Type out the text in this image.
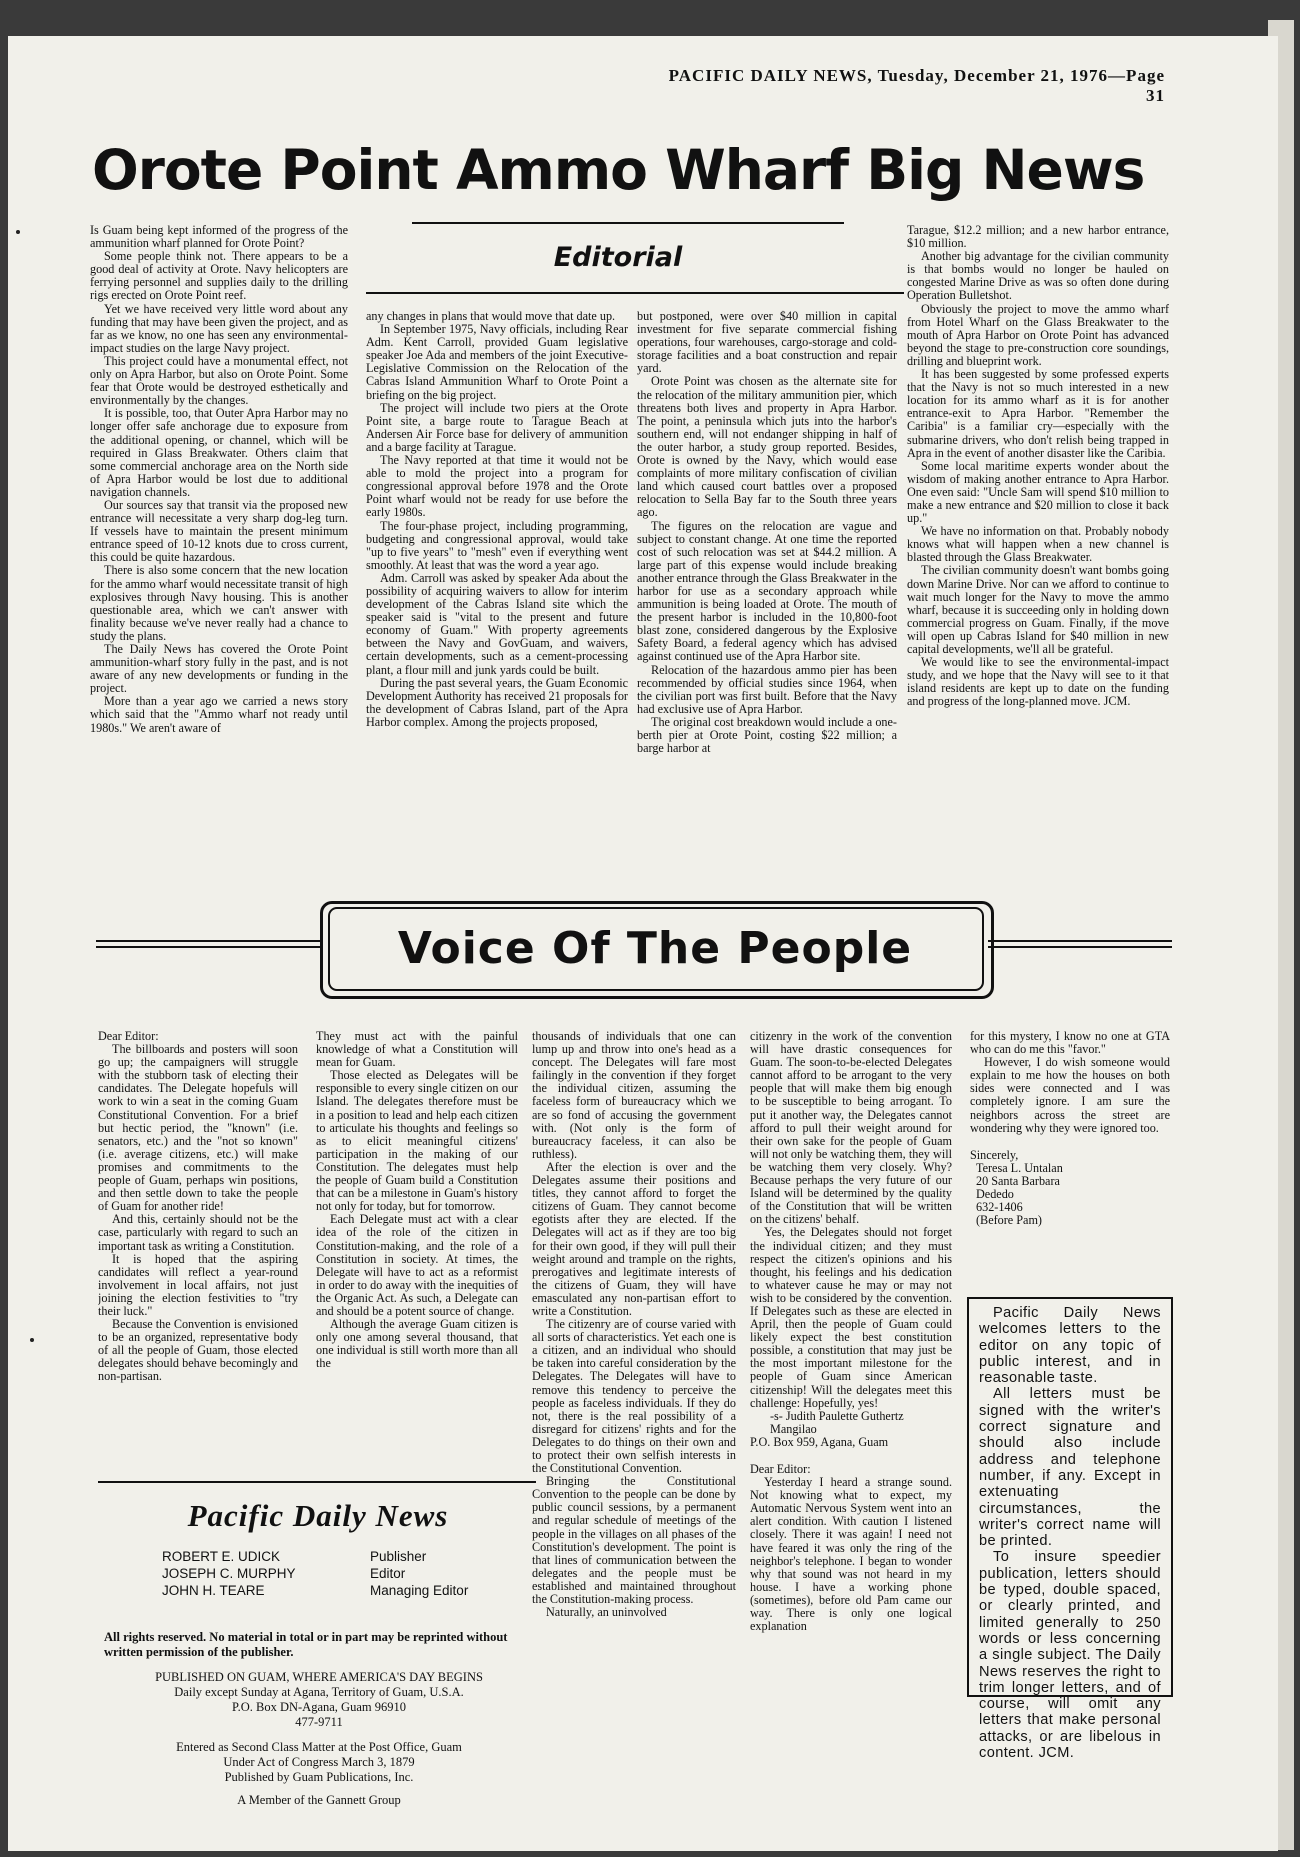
PACIFIC DAILY NEWS, Tuesday, December 21, 1976—Page 31
Orote Point Ammo Wharf Big News
Editorial

Is Guam being kept informed of the progress of the ammunition wharf planned for Orote Point?

Some people think not. There appears to be a good deal of activity at Orote. Navy helicopters are ferrying personnel and supplies daily to the drilling rigs erected on Orote Point reef.

Yet we have received very little word about any funding that may have been given the project, and as far as we know, no one has seen any environmental-impact studies on the large Navy project.

This project could have a monumental effect, not only on Apra Harbor, but also on Orote Point. Some fear that Orote would be destroyed esthetically and environmentally by the changes.

It is possible, too, that Outer Apra Harbor may no longer offer safe anchorage due to exposure from the additional opening, or channel, which will be required in Glass Breakwater. Others claim that some commercial anchorage area on the North side of Apra Harbor would be lost due to additional navigation channels.

Our sources say that transit via the proposed new entrance will necessitate a very sharp dog-leg turn. If vessels have to maintain the present minimum entrance speed of 10-12 knots due to cross current, this could be quite hazardous.

There is also some concern that the new location for the ammo wharf would necessitate transit of high explosives through Navy housing. This is another questionable area, which we can't answer with finality because we've never really had a chance to study the plans.

The Daily News has covered the Orote Point ammunition-wharf story fully in the past, and is not aware of any new developments or funding in the project.

More than a year ago we carried a news story which said that the "Ammo wharf not ready until 1980s." We aren't aware of

any changes in plans that would move that date up.

In September 1975, Navy officials, including Rear Adm. Kent Carroll, provided Guam legislative speaker Joe Ada and members of the joint Executive-Legislative Commission on the Relocation of the Cabras Island Ammunition Wharf to Orote Point a briefing on the big project.

The project will include two piers at the Orote Point site, a barge route to Tarague Beach at Andersen Air Force base for delivery of ammunition and a barge facility at Tarague.

The Navy reported at that time it would not be able to mold the project into a program for congressional approval before 1978 and the Orote Point wharf would not be ready for use before the early 1980s.

The four-phase project, including programming, budgeting and congressional approval, would take "up to five years" to "mesh" even if everything went smoothly. At least that was the word a year ago.

Adm. Carroll was asked by speaker Ada about the possibility of acquiring waivers to allow for interim development of the Cabras Island site which the speaker said is "vital to the present and future economy of Guam." With property agreements between the Navy and GovGuam, and waivers, certain developments, such as a cement-processing plant, a flour mill and junk yards could be built.

During the past several years, the Guam Economic Development Authority has received 21 proposals for the development of Cabras Island, part of the Apra Harbor complex. Among the projects proposed,

but postponed, were over $40 million in capital investment for five separate commercial fishing operations, four warehouses, cargo-storage and cold-storage facilities and a boat construction and repair yard.

Orote Point was chosen as the alternate site for the relocation of the military ammunition pier, which threatens both lives and property in Apra Harbor. The point, a peninsula which juts into the harbor's southern end, will not endanger shipping in half of the outer harbor, a study group reported. Besides, Orote is owned by the Navy, which would ease complaints of more military confiscation of civilian land which caused court battles over a proposed relocation to Sella Bay far to the South three years ago.

The figures on the relocation are vague and subject to constant change. At one time the reported cost of such relocation was set at $44.2 million. A large part of this expense would include breaking another entrance through the Glass Breakwater in the harbor for use as a secondary approach while ammunition is being loaded at Orote. The mouth of the present harbor is included in the 10,800-foot blast zone, considered dangerous by the Explosive Safety Board, a federal agency which has advised against continued use of the Apra Harbor site.

Relocation of the hazardous ammo pier has been recommended by official studies since 1964, when the civilian port was first built. Before that the Navy had exclusive use of Apra Harbor.

The original cost breakdown would include a one-berth pier at Orote Point, costing $22 million; a barge harbor at

Tarague, $12.2 million; and a new harbor entrance, $10 million.

Another big advantage for the civilian community is that bombs would no longer be hauled on congested Marine Drive as was so often done during Operation Bulletshot.

Obviously the project to move the ammo wharf from Hotel Wharf on the Glass Breakwater to the mouth of Apra Harbor on Orote Point has advanced beyond the stage to pre-construction core soundings, drilling and blueprint work.

It has been suggested by some professed experts that the Navy is not so much interested in a new location for its ammo wharf as it is for another entrance-exit to Apra Harbor. "Remember the Caribia" is a familiar cry—especially with the submarine drivers, who don't relish being trapped in Apra in the event of another disaster like the Caribia.

Some local maritime experts wonder about the wisdom of making another entrance to Apra Harbor. One even said: "Uncle Sam will spend $10 million to make a new entrance and $20 million to close it back up."

We have no information on that. Probably nobody knows what will happen when a new channel is blasted through the Glass Breakwater.

The civilian community doesn't want bombs going down Marine Drive. Nor can we afford to continue to wait much longer for the Navy to move the ammo wharf, because it is succeeding only in holding down commercial progress on Guam. Finally, if the move will open up Cabras Island for $40 million in new capital developments, we'll all be grateful.

We would like to see the environmental-impact study, and we hope that the Navy will see to it that island residents are kept up to date on the funding and progress of the long-planned move. JCM.

Voice Of The People

Dear Editor:

The billboards and posters will soon go up; the campaigners will struggle with the stubborn task of electing their candidates. The Delegate hopefuls will work to win a seat in the coming Guam Constitutional Convention. For a brief but hectic period, the "known" (i.e. senators, etc.) and the "not so known" (i.e. average citizens, etc.) will make promises and commitments to the people of Guam, perhaps win positions, and then settle down to take the people of Guam for another ride!

And this, certainly should not be the case, particularly with regard to such an important task as writing a Constitution.

It is hoped that the aspiring candidates will reflect a year-round involvement in local affairs, not just joining the election festivities to "try their luck."

Because the Convention is envisioned to be an organized, representative body of all the people of Guam, those elected delegates should behave becomingly and non-partisan.

They must act with the painful knowledge of what a Constitution will mean for Guam.

Those elected as Delegates will be responsible to every single citizen on our Island. The delegates therefore must be in a position to lead and help each citizen to articulate his thoughts and feelings so as to elicit meaningful citizens' participation in the making of our Constitution. The delegates must help the people of Guam build a Constitution that can be a milestone in Guam's history not only for today, but for tomorrow.

Each Delegate must act with a clear idea of the role of the citizen in Constitution-making, and the role of a Constitution in society. At times, the Delegate will have to act as a reformist in order to do away with the inequities of the Organic Act. As such, a Delegate can and should be a potent source of change.

Although the average Guam citizen is only one among several thousand, that one individual is still worth more than all the

thousands of individuals that one can lump up and throw into one's head as a concept. The Delegates will fare most failingly in the convention if they forget the individual citizen, assuming the faceless form of bureaucracy which we are so fond of accusing the government with. (Not only is the form of bureaucracy faceless, it can also be ruthless).

After the election is over and the Delegates assume their positions and titles, they cannot afford to forget the citizens of Guam. They cannot become egotists after they are elected. If the Delegates will act as if they are too big for their own good, if they will pull their weight around and trample on the rights, prerogatives and legitimate interests of the citizens of Guam, they will have emasculated any non-partisan effort to write a Constitution.

The citizenry are of course varied with all sorts of characteristics. Yet each one is a citizen, and an individual who should be taken into careful consideration by the Delegates. The Delegates will have to remove this tendency to perceive the people as faceless individuals. If they do not, there is the real possibility of a disregard for citizens' rights and for the Delegates to do things on their own and to protect their own selfish interests in the Constitutional Convention.

Bringing the Constitutional Convention to the people can be done by public council sessions, by a permanent and regular schedule of meetings of the people in the villages on all phases of the Constitution's development. The point is that lines of communication between the delegates and the people must be established and maintained throughout the Constitution-making process.

Naturally, an uninvolved

citizenry in the work of the convention will have drastic consequences for Guam. The soon-to-be-elected Delegates cannot afford to be arrogant to the very people that will make them big enough to be susceptible to being arrogant. To put it another way, the Delegates cannot afford to pull their weight around for their own sake for the people of Guam will not only be watching them, they will be watching them very closely. Why? Because perhaps the very future of our Island will be determined by the quality of the Constitution that will be written on the citizens' behalf.

Yes, the Delegates should not forget the individual citizen; and they must respect the citizen's opinions and his thought, his feelings and his dedication to whatever cause he may or may not wish to be considered by the convention. If Delegates such as these are elected in April, then the people of Guam could likely expect the best constitution possible, a constitution that may just be the most important milestone for the people of Guam since American citizenship! Will the delegates meet this challenge: Hopefully, yes!

-s- Judith Paulette Guthertz

Mangilao

P.O. Box 959, Agana, Guam

Dear Editor:

Yesterday I heard a strange sound. Not knowing what to expect, my Automatic Nervous System went into an alert condition. With caution I listened closely. There it was again! I need not have feared it was only the ring of the neighbor's telephone. I began to wonder why that sound was not heard in my house. I have a working phone (sometimes), before old Pam came our way. There is only one logical explanation

for this mystery, I know no one at GTA who can do me this "favor."

However, I do wish someone would explain to me how the houses on both sides were connected and I was completely ignore. I am sure the neighbors across the street are wondering why they were ignored too.

Sincerely,

Teresa L. Untalan

20 Santa Barbara

Dededo

632-1406

(Before Pam)

Pacific Daily News welcomes letters to the editor on any topic of public interest, and in reasonable taste.

All letters must be signed with the writer's correct signature and should also include address and telephone number, if any. Except in extenuating circumstances, the writer's correct name will be printed.

To insure speedier publication, letters should be typed, double spaced, or clearly printed, and limited generally to 250 words or less concerning a single subject. The Daily News reserves the right to trim longer letters, and of course, will omit any letters that make personal attacks, or are libelous in content. JCM.

Pacific Daily News
ROBERT E. UDICK	Publisher
JOSEPH C. MURPHY	Editor
JOHN H. TEARE	Managing Editor

All rights reserved. No material in total or in part may be reprinted without written permission of the publisher.

PUBLISHED ON GUAM, WHERE AMERICA'S DAY BEGINS

Daily except Sunday at Agana, Territory of Guam, U.S.A.

P.O. Box DN-Agana, Guam 96910

477-9711

Entered as Second Class Matter at the Post Office, Guam

Under Act of Congress March 3, 1879

Published by Guam Publications, Inc.

A Member of the Gannett Group
